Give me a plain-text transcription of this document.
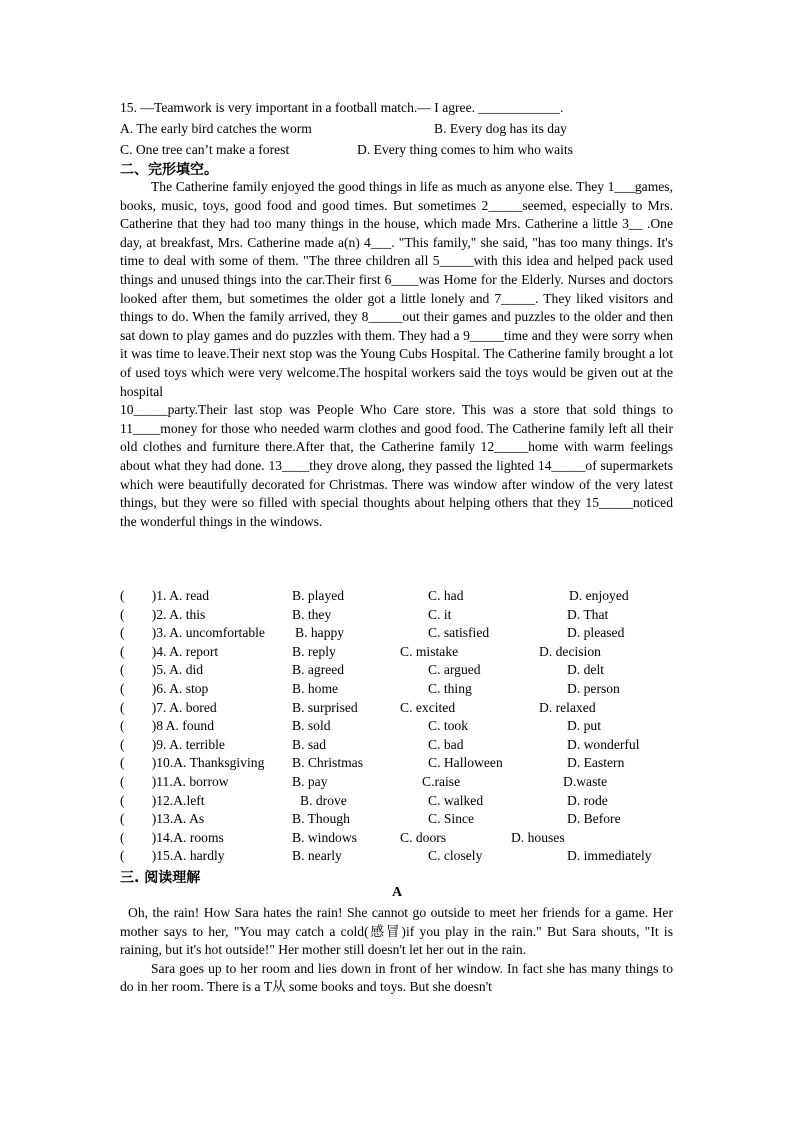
15. —Teamwork is very important in a football match.— I agree. ____________.
A. The early bird catches the worm	B. Every dog has its day
C. One tree can’t make a forest	D. Every thing comes to him who waits
二、完形填空。

The Catherine family enjoyed the good things in life as much as anyone else. They 1___games, books, music, toys, good food and good times. But sometimes 2_____seemed, especially to Mrs. Catherine that they had too many things in the house, which made Mrs. Catherine a little 3__ .One day, at breakfast, Mrs. Catherine made a(n) 4___. "This family," she said, "has too many things. It's time to deal with some of them. "The three children all 5_____with this idea and helped pack used things and unused things into the car.Their first 6____was Home for the Elderly. Nurses and doctors looked after them, but sometimes the older got a little lonely and 7_____. They liked visitors and things to do. When the family arrived, they 8_____out their games and puzzles to the older and then sat down to play games and do puzzles with them. They had a 9_____time and they were sorry when it was time to leave.Their next stop was the Young Cubs Hospital. The Catherine family brought a lot of used toys which were very welcome.The hospital workers said the toys would be given out at the hospital

10_____party.Their last stop was People Who Care store. This was a store that sold things to 11____money for those who needed warm clothes and good food. The Catherine family left all their old clothes and furniture there.After that, the Catherine family 12_____home with warm feelings about what they had done. 13____they drove along, they passed the lighted 14_____of supermarkets which were beautifully decorated for Christmas. There was window after window of the very latest things, but they were so filled with special thoughts about helping others that they 15_____noticed the wonderful things in the windows.

(　　)1. A. read	B. played	C. had	D. enjoyed
(　　)2. A. this	B. they	C. it	D. That
(　　)3. A. uncomfortable B. happy	C. satisfied	D. pleased
(　　)4. A. report	B. reply	C. mistake	D. decision
(　　)5. A. did	B. agreed	C. argued	D. delt
(　　)6. A. stop	B. home	C. thing	D. person
(　　)7. A. bored	B. surprised	C. excited	D. relaxed
(　　)8 A. found	B. sold	C. took	D. put
(　　)9. A. terrible	B. sad	C. bad	D. wonderful
(　　)10.A. Thanksgiving B. Christmas	C. Halloween	D. Eastern
(　　)11.A. borrow	B. pay	C.raise	D.waste
(　　)12.A.left	B. drove	C. walked	D. rode
(　　)13.A. As	B. Though	C. Since	D. Before
(　　)14.A. rooms	B. windows	C. doors	D. houses
(　　)15.A. hardly	B. nearly	C. closely	D. immediately
三. 阅读理解
A

Oh, the rain! How Sara hates the rain! She cannot go outside to meet her friends for a game. Her mother says to her, "You may catch a cold(感冒)if you play in the rain." But Sara shouts, "It is raining, but it's hot outside!" Her mother still doesn't let her out in the rain.

Sara goes up to her room and lies down in front of her window. In fact she has many things to do in her room. There is a T从 some books and toys. But she doesn't
